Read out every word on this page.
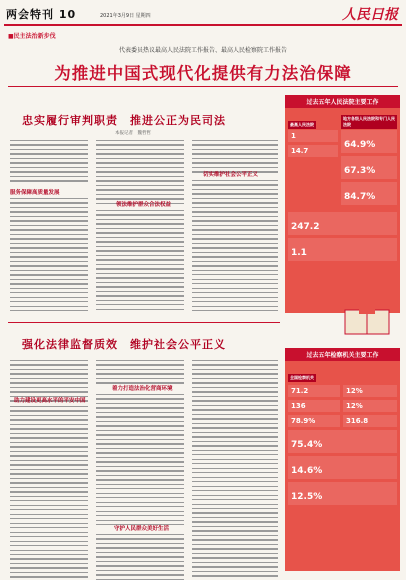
两会特刊 10	2021年3月9日 星期四	人民日报
■民主法治新步伐
代表委员热议最高人民法院工作报告、最高人民检察院工作报告
为推进中国式现代化提供有力法治保障
忠实履行审判职责　推进公正为民司法
本报记者　魏哲哲
服务保障高质量发展
领法维护群众合法权益
切实维护社会公平正义
强化法律监督质效　维护社会公平正义
助力建设更高水平的平安中国
着力打造法治化营商环境
守护人民群众美好生活
过去五年人民法院主要工作
最高人民法院
1
14.7
地方各级人民法院和专门人民法院
64.9%
67.3%
84.7%
247.2
1.1
过去五年检察机关主要工作
全国检察机关
71.2
136
78.9%
12%
12%
316.8
75.4%
14.6%
12.5%
